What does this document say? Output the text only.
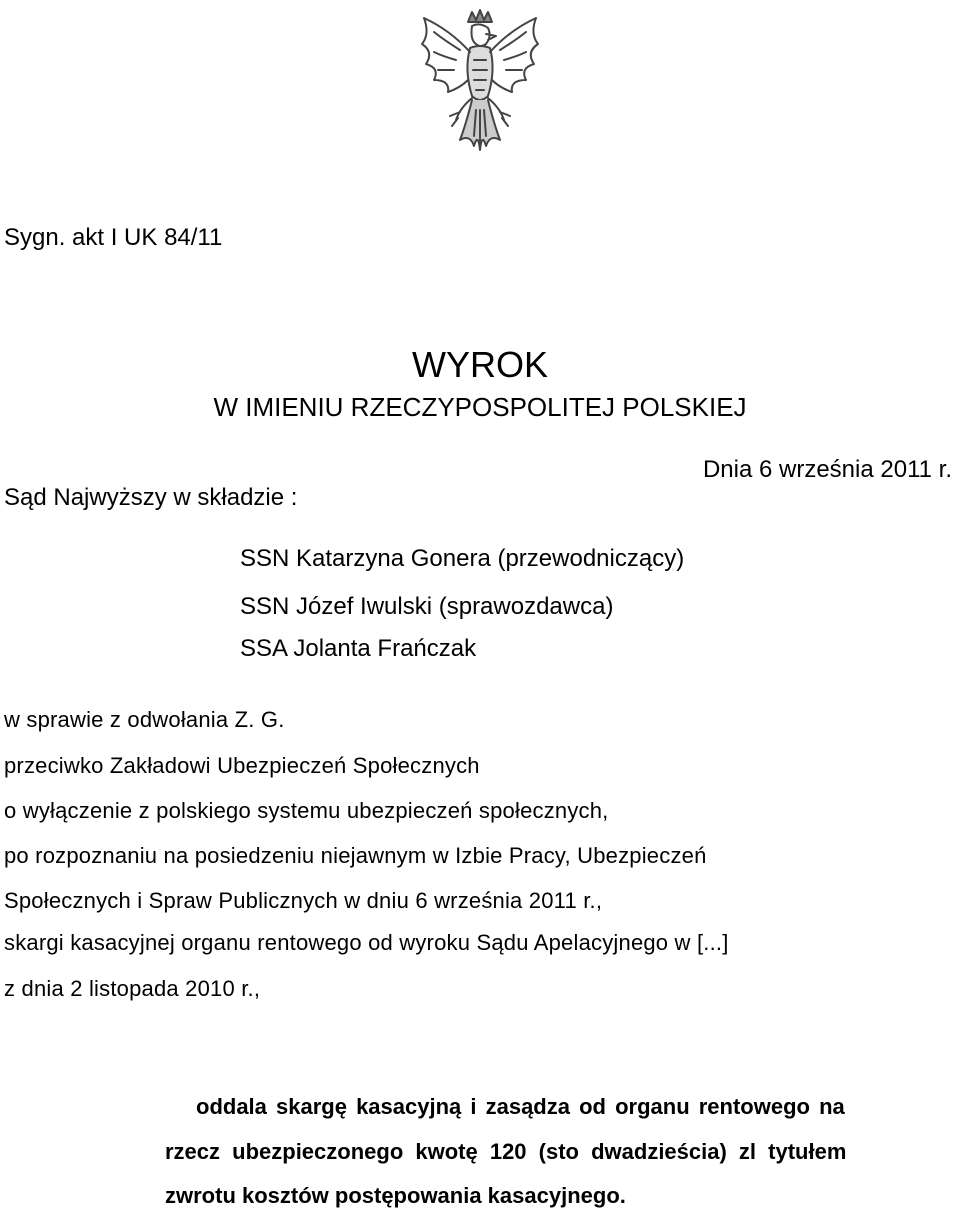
Sygn. akt I UK 84/11
WYROK
W IMIENIU RZECZYPOSPOLITEJ POLSKIEJ
Dnia 6 września 2011 r.
Sąd Najwyższy w składzie :
SSN Katarzyna Gonera (przewodniczący)
SSN Józef Iwulski (sprawozdawca)
SSA Jolanta Frańczak
w sprawie z odwołania Z. G.
przeciwko Zakładowi Ubezpieczeń Społecznych
o wyłączenie z polskiego systemu ubezpieczeń społecznych,
po rozpoznaniu na posiedzeniu niejawnym w Izbie Pracy, Ubezpieczeń
Społecznych i Spraw Publicznych w dniu 6 września 2011 r.,
skargi kasacyjnej organu rentowego od wyroku Sądu Apelacyjnego w [...]
z dnia 2 listopada 2010 r.,
oddala skargę kasacyjną i zasądza od organu rentowego na
rzecz ubezpieczonego kwotę 120 (sto dwadzieścia) zl tytułem
zwrotu kosztów postępowania kasacyjnego.
